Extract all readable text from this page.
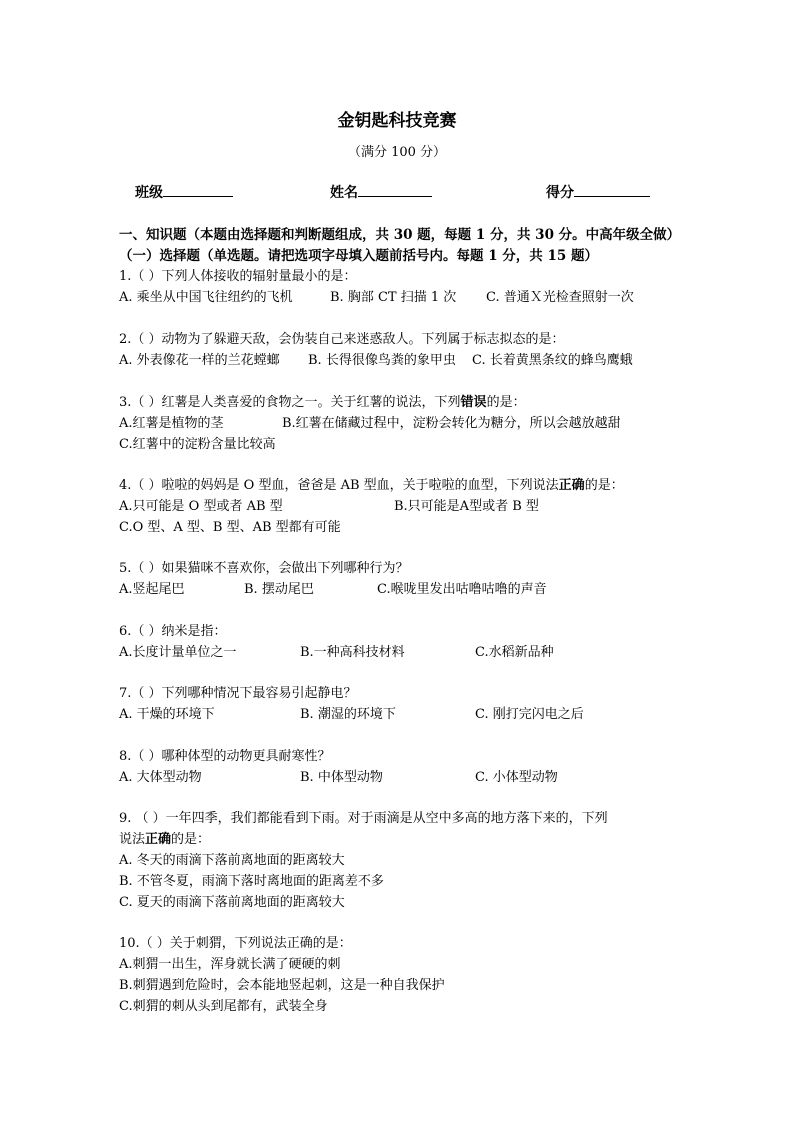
金钥匙科技竞赛
（满分 100 分）
班级	姓名	得分
一、知识题（本题由选择题和判断题组成，共 30 题，每题 1 分，共 30 分。中高年级全做）
（一）选择题（单选题。请把选项字母填入题前括号内。每题 1 分，共 15 题）
1.（ ）下列人体接收的辐射量最小的是：
A. 乘坐从中国飞往纽约的飞机	B. 胸部 CT 扫描 1 次 C. 普通Ｘ光检查照射一次
2.（ ）动物为了躲避天敌，会伪装自己来迷惑敌人。下列属于标志拟态的是：
A. 外表像花一样的兰花螳螂 B. 长得很像鸟粪的象甲虫 C. 长着黄黑条纹的蜂鸟鹰蛾
3.（ ）红薯是人类喜爱的食物之一。关于红薯的说法，下列错误的是：
A.红薯是植物的茎	B.红薯在储藏过程中，淀粉会转化为糖分，所以会越放越甜
C.红薯中的淀粉含量比较高
4.（ ）啦啦的妈妈是 O 型血，爸爸是 AB 型血，关于啦啦的血型，下列说法正确的是：
A.只可能是 O 型或者 AB 型	B.只可能是A型或者 B 型
C.O 型、A 型、B 型、AB 型都有可能
5.（ ）如果猫咪不喜欢你，会做出下列哪种行为？
A.竖起尾巴	B. 摆动尾巴	C.喉咙里发出咕噜咕噜的声音
6.（ ）纳米是指：
A.长度计量单位之一	B.一种高科技材料	C.水稻新品种
7.（ ）下列哪种情况下最容易引起静电？
A. 干燥的环境下	B. 潮湿的环境下	C. 刚打完闪电之后
8.（ ）哪种体型的动物更具耐寒性？
A. 大体型动物	B. 中体型动物	C. 小体型动物
9. （ ）一年四季，我们都能看到下雨。对于雨滴是从空中多高的地方落下来的，下列
说法正确的是：
A. 冬天的雨滴下落前离地面的距离较大
B. 不管冬夏，雨滴下落时离地面的距离差不多
C. 夏天的雨滴下落前离地面的距离较大
10.（ ）关于刺猬，下列说法正确的是：
A.刺猬一出生，浑身就长满了硬硬的刺
B.刺猬遇到危险时，会本能地竖起刺，这是一种自我保护
C.刺猬的刺从头到尾都有，武装全身
